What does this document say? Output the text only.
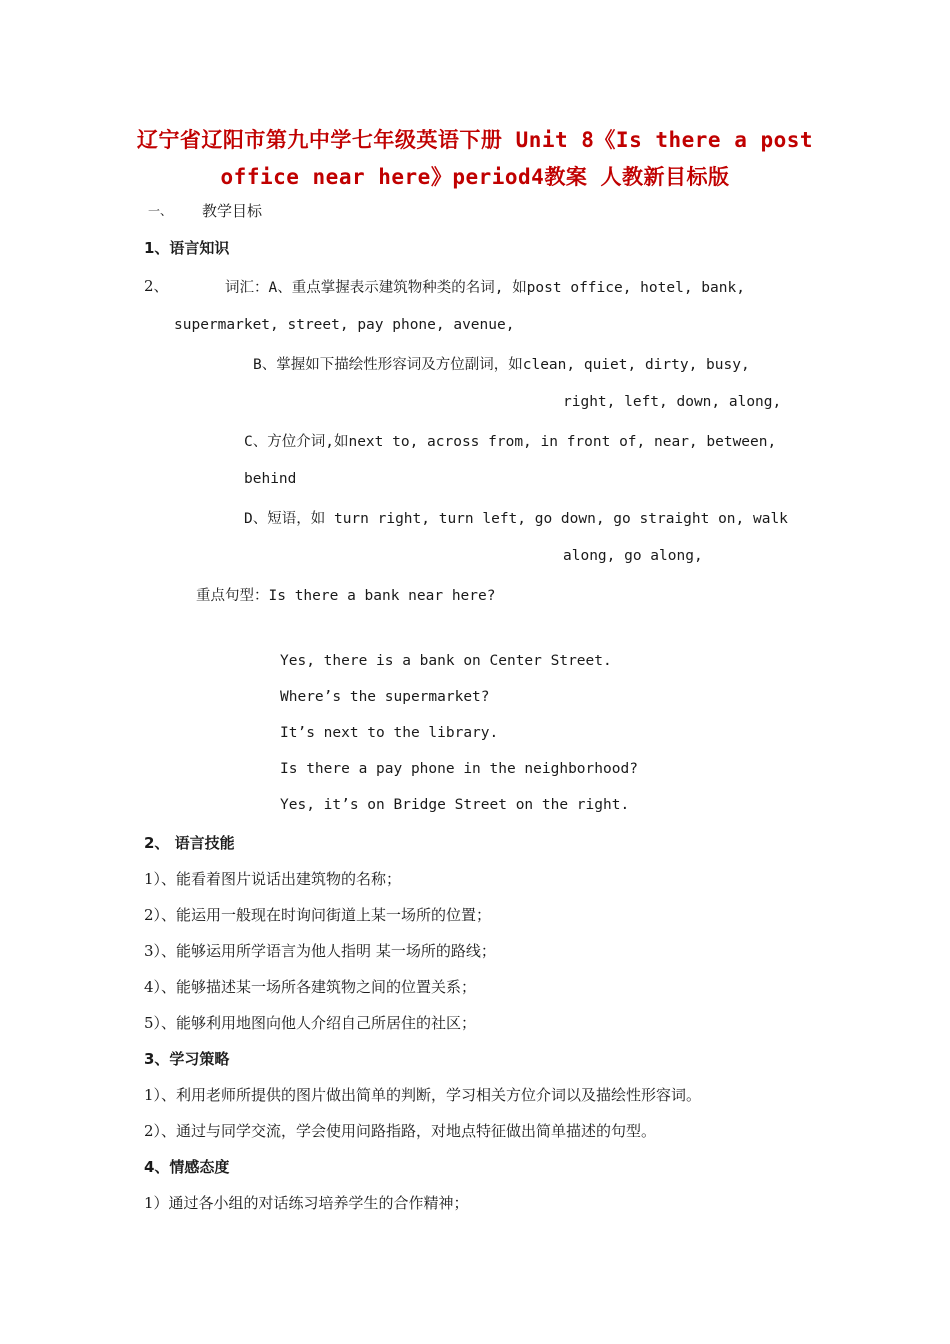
辽宁省辽阳市第九中学七年级英语下册 Unit 8《Is there a post
office near here》period4教案 人教新目标版
一、 教学目标
1、语言知识
2、	词汇：A、重点掌握表示建筑物种类的名词, 如post office, hotel, bank,
supermarket, street, pay phone, avenue,
B、掌握如下描绘性形容词及方位副词，如clean, quiet, dirty, busy,
right, left, down, along,
C、方位介词,如next to, across from, in front of, near, between,
behind
D、短语，如 turn right, turn left, go down, go straight on, walk
along, go along,
重点句型：Is there a bank near here?
Yes, there is a bank on Center Street.
Where’s the supermarket?
It’s next to the library.
Is there a pay phone in the neighborhood?
Yes, it’s on Bridge Street on the right.
2、 语言技能
1）、能看着图片说话出建筑物的名称；
2）、能运用一般现在时询问街道上某一场所的位置；
3）、能够运用所学语言为他人指明 某一场所的路线；
4）、能够描述某一场所各建筑物之间的位置关系；
5）、能够利用地图向他人介绍自己所居住的社区；
3、学习策略
1）、利用老师所提供的图片做出简单的判断，学习相关方位介词以及描绘性形容词。
2）、通过与同学交流，学会使用问路指路，对地点特征做出简单描述的句型。
4、情感态度
1）通过各小组的对话练习培养学生的合作精神；
